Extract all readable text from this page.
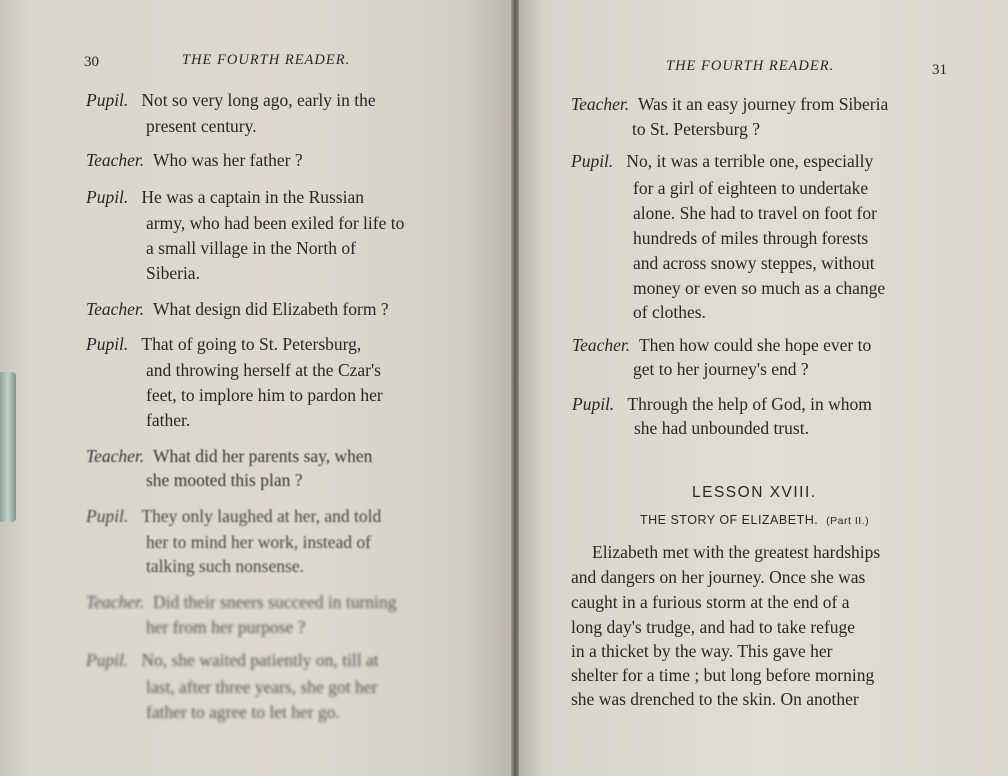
30	THE FOURTH READER.
Pupil. Not so very long ago, early in the
present century.
Teacher. Who was her father ?
Pupil. He was a captain in the Russian
army, who had been exiled for life to
a small village in the North of
Siberia.
Teacher. What design did Elizabeth form ?
Pupil. That of going to St. Petersburg,
and throwing herself at the Czar's
feet, to implore him to pardon her
father.
Teacher. What did her parents say, when
she mooted this plan ?
Pupil. They only laughed at her, and told
her to mind her work, instead of
talking such nonsense.
Teacher. Did their sneers succeed in turning
her from her purpose ?
Pupil. No, she waited patiently on, till at
last, after three years, she got her
father to agree to let her go.
THE FOURTH READER.	31
Teacher. Was it an easy journey from Siberia
to St. Petersburg ?
Pupil. No, it was a terrible one, especially
for a girl of eighteen to undertake
alone. She had to travel on foot for
hundreds of miles through forests
and across snowy steppes, without
money or even so much as a change
of clothes.
Teacher. Then how could she hope ever to
get to her journey's end ?
Pupil. Through the help of God, in whom
she had unbounded trust.
LESSON XVIII.
THE STORY OF ELIZABETH. (Part II.)
Elizabeth met with the greatest hardships
and dangers on her journey. Once she was
caught in a furious storm at the end of a
long day's trudge, and had to take refuge
in a thicket by the way. This gave her
shelter for a time ; but long before morning
she was drenched to the skin. On another
